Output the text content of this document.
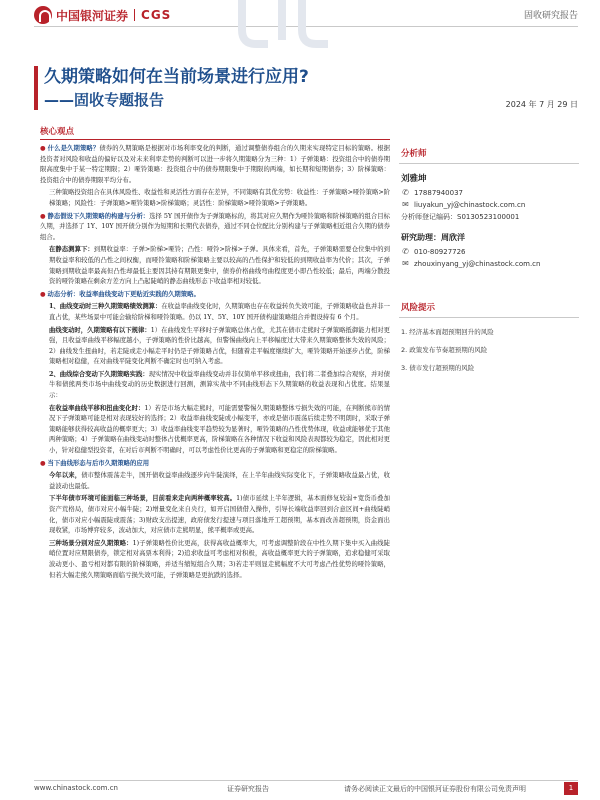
中国银河证券 CGS	固收研究报告
久期策略如何在当前场景进行应用?
——固收专题报告	2024 年 7 月 29 日
核心观点

● 什么是久期策略？债券的久期策略是根据对市场利率变化的判断，通过调整债券组合的久期来实现特定目标的策略。根据投资者对风险和收益的偏好以及对未来利率走势的判断可以进一步将久期策略分为三种：1）子弹策略：投资组合中的债券期限高度集中于某一特定期限；2）哑铃策略：投资组合中的债券期限集中于期限的两端，如长期和短期债券；3）阶梯策略：投资组合中的债券期限平均分布。

三种策略投资组合在具体风险性、收益性和灵活性方面存在差异，不同策略有其优劣势：收益性：子弹策略>哑铃策略>阶梯策略；风险性：子弹策略>哑铃策略>阶梯策略；灵活性：阶梯策略>哑铃策略>子弹策略。

● 静态假设下久期策略的构建与分析：选择 5Y 国开债作为子弹策略标的，将其对应久期作为哑铃策略和阶梯策略的组合目标久期，并选择了 1Y、10Y 国开债分别作为短期和长期代表债券，通过不同仓位配比分别构建与子弹策略相近组合久期的债券组合。

在静态测算下：到期收益率：子弹>阶梯>哑铃；凸性：哑铃>阶梯>子弹。具体来看，首先，子弹策略需要仓位集中的到期收益率和较低的凸性之间权衡，而哑铃策略和阶梯策略主要以较高的凸性保护和较低的到期收益率为代价；其次，子弹策略到期收益率最高但凸性却最低主要因其持有期限更集中，债券价格曲线弯曲程度更小即凸性较低；最后，两端分散投资的哑铃策略在剩余方差方向上凸起陡峭的静态曲线形态下收益率相对较低。

● 动态分析：收益率曲线变动下更贴近实践的久期策略。

1、曲线变动时三种久期策略绩效测算：在收益率曲线变化时，久期策略也存在收益转负失效可能，子弹策略收益也并非一直占优，某些场景中可能会输给阶梯和哑铃策略。仍以 1Y、5Y、10Y 国开债构建策略组合并假设持有 6 个月。

曲线变动时，久期策略有以下规律：1）在曲线发生平移时子弹策略总体占优，尤其在债市走熊时子弹策略抵御能力相对更强，且收益率曲线平移幅度越小，子弹策略的性价比越高，但警惕曲线向上平移幅度过大带来久期策略整体失效的风险；2）曲线发生扭曲时，若走陡或走小幅走平时仍是子弹策略占优，但随着走平幅度继续扩大，哑铃策略开始逐步占优，阶梯策略相对稳健，在对曲线平陡变化判断不确定时也可纳入考虑。

2、曲线综合变动下久期策略实践：现实情况中收益率曲线变动并非仅简单平移或扭曲，我们将二者叠加综合观察，并对债牛和债熊两类市场中曲线变动的历史数据进行回测，测算实战中不同曲线形态下久期策略的收益表现和占优度。结果显示：

在收益率曲线平移和扭曲变化时：1）若是市场大幅走熊时，可能需要警惕久期策略整体亏损失效的可能，在判断熊市的情况下子弹策略可能是相对表现较好的选择；2）收益率曲线变陡或小幅变平，亦或是债市震荡后续走势不明朗时，采取子弹策略能够获得较高收益的概率更大；3）收益率曲线变平趋势较为显著时，哑铃策略的凸性优势体现，收益或能够优于其他两种策略；4）子弹策略在曲线变动时整体占优概率更高，阶梯策略在各种情况下收益和风险表现都较为稳定，因此相对更小，针对稳健型投资者，在对后市判断不明确时，可以考虑性价比更高的子弹策略和更稳定的阶梯策略。

● 当下曲线形态与后市久期策略的应用

今年以来，债市整体震荡走牛，国开债收益率曲线逐步向牛陡演绎，在上半年曲线实际变化下，子弹策略收益最占优，收益波动也最低。

下半年债市环境可能面临三种场景，目前看来走向两种概率较高。1)债市延续上半年逻辑，基本面修复较弱+宽货币叠加资产荒格局，债市对应小幅牛陡；2)增量变化来自央行，如开启国债借入操作，引导长端收益率回到合意区间+曲线陡峭化，债市对应小幅震陡或震荡；3)财政支出提速，政府债发行提速与项目落地开工超预期，基本面改善超预期，资金面出现收紧，市场博弈较多，波动加大，对应债市走熊明显，熊平概率或更高。

三种场景分别对应久期策略：1)子弹策略性价比更高，获得高收益概率大，可考虑调整阶段在中性久期下集中买入曲线陡峭位置对应期限债券，锁定相对高票本利得；2)追求收益可考虑相对积极，高收益概率更大的子弹策略，追求稳健可采取波动更小、盈亏相对都有限的阶梯策略，并适当缩短组合久期；3)若走平则显走熊幅度不大可考虑凸性优势的哑铃策略，但若大幅走熊久期策略面临亏损失效可能，子弹策略是更抗跌的选择。

分析师
刘雅坤
✆ 17887940037
✉ liuyakun_yj@chinastock.com.cn
分析师登记编码：S0130523100001
研究助理：周欣洋
✆ 010-80927726
✉ zhouxinyang_yj@chinastock.com.cn
风险提示
1. 经济基本面超预期回升的风险
2. 政策发布节奏超预期的风险
3. 债市发行超预期的风险
www.chinastock.com.cn	证券研究报告	请务必阅读正文最后的中国银河证券股份有限公司免责声明	1
